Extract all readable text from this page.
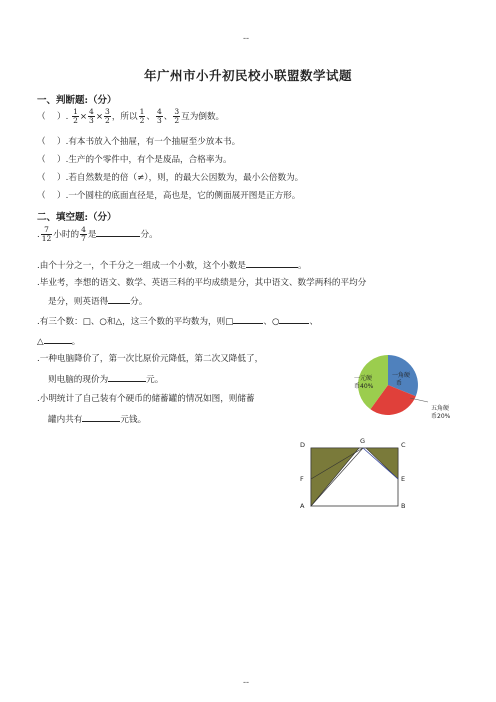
--
--
年广州市小升初民校小联盟数学试题
一、判断题:（分）
（ ）. $\frac{1}{2} \times \frac{4}{3} \times \frac{3}{2}$ ，所以 $\frac{1}{2}$ 、 $\frac{4}{3}$ 、 $\frac{3}{2}$ 互为倒数。
（ ）.有本书放入个抽屉，有一个抽屉至少放本书。
（ ）.生产的个零件中，有个是废品，合格率为。
（ ）.若自然数是的倍（≠），则，的最大公因数为，最小公倍数为。
（ ）.一个圆柱的底面直径是，高也是，它的侧面展开图是正方形。
二、填空题:（分）
. $\frac{7}{12}$ 小时的 $\frac{4}{7}$ 是	分。
.由个十分之一，个千分之一组成一个小数，这个小数是	。
.毕业考，李想的语文、数学、英语三科的平均成绩是分，其中语文、数学两科的平均分
是分，则英语得	分。
.有三个数：□、○和△，这三个数的平均数为，则□	、○	、
△	。
.一种电脑降价了，第一次比原价元降低，第二次又降低了，
则电脑的现价为	元。
.小明统计了自己装有个硬币的储蓄罐的情况如图，则储蓄
罐内共有	元钱。
一元硬
币40%
一角硬
币
五角硬
币20%
D	G	C
F	E
A	B
